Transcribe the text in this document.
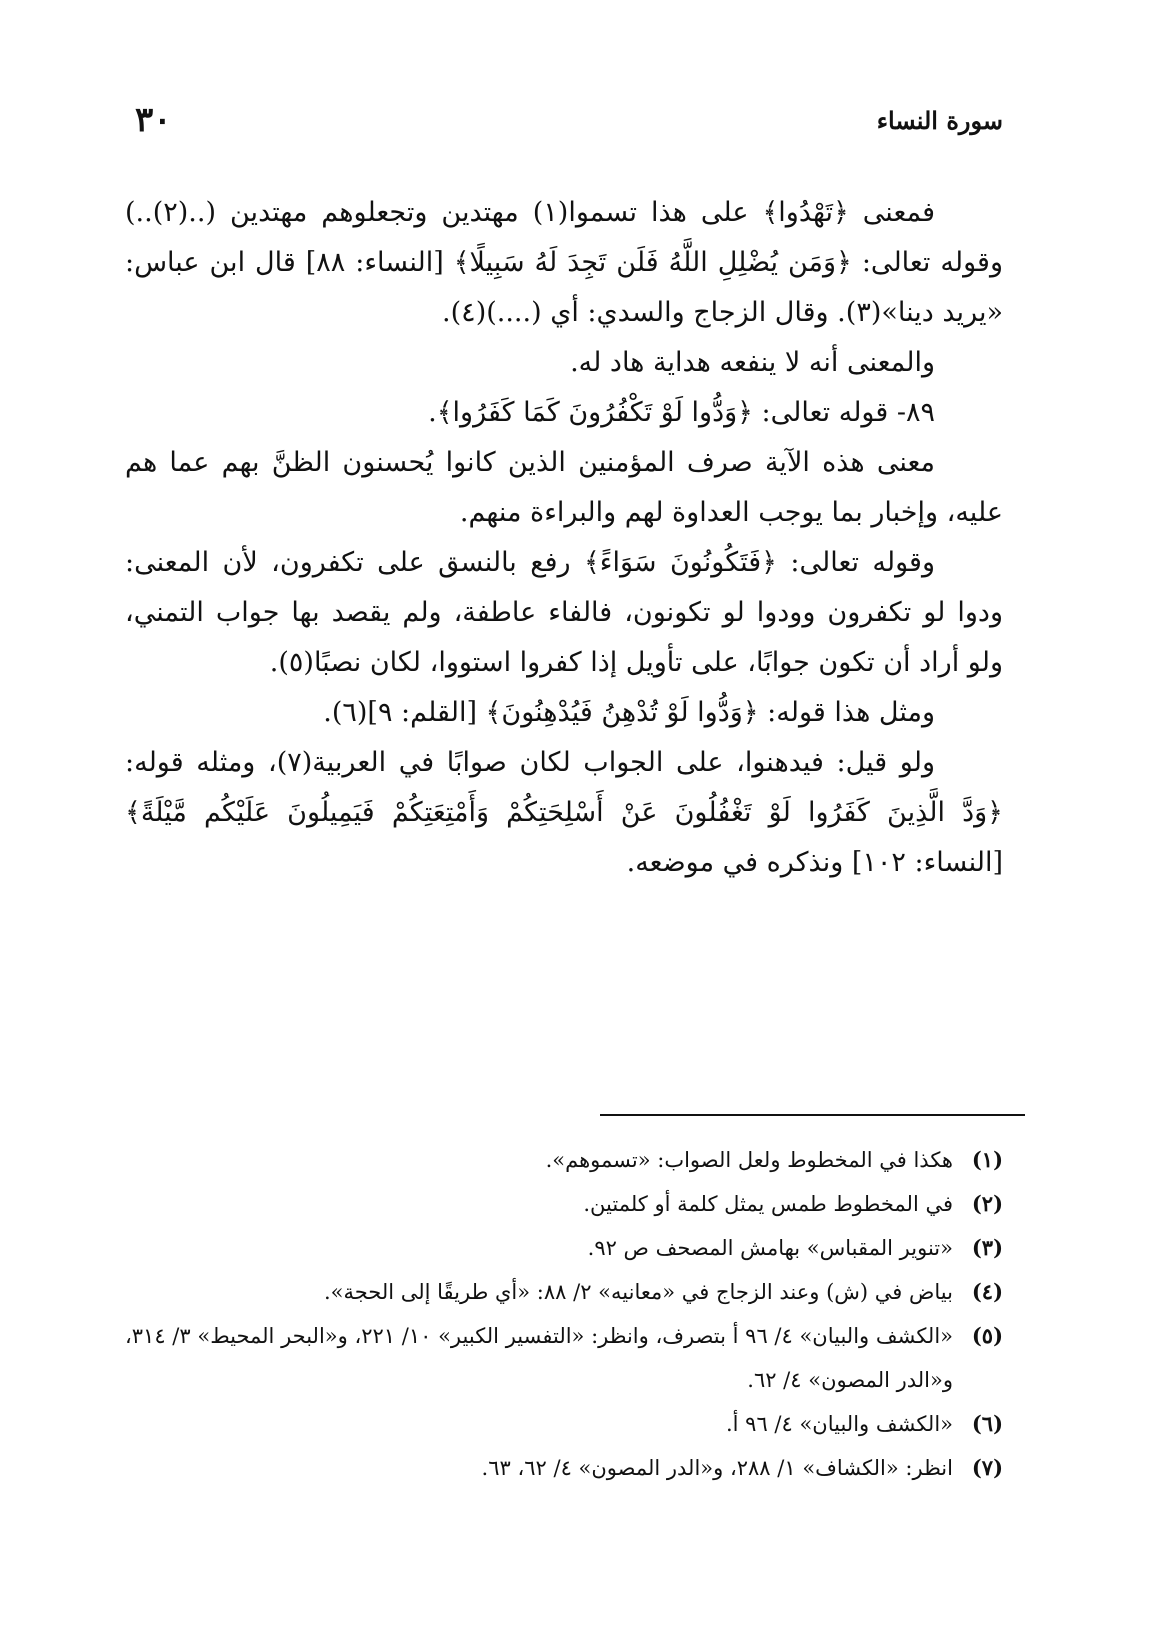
سورة النساء
٣٠

فمعنى ﴿تَهْدُوا﴾ على هذا تسموا(١) مهتدين وتجعلوهم مهتدين (..(٢)..) وقوله تعالى: ﴿وَمَن يُضْلِلِ اللَّهُ فَلَن تَجِدَ لَهُ سَبِيلًا﴾ [النساء: ٨٨] قال ابن عباس: «يريد دينا»(٣). وقال الزجاج والسدي: أي (....)(٤).

والمعنى أنه لا ينفعه هداية هاد له.

٨٩- قوله تعالى: ﴿وَدُّوا لَوْ تَكْفُرُونَ كَمَا كَفَرُوا﴾.

معنى هذه الآية صرف المؤمنين الذين كانوا يُحسنون الظنَّ بهم عما هم عليه، وإخبار بما يوجب العداوة لهم والبراءة منهم.

وقوله تعالى: ﴿فَتَكُونُونَ سَوَاءً﴾ رفع بالنسق على تكفرون، لأن المعنى: ودوا لو تكفرون وودوا لو تكونون، فالفاء عاطفة، ولم يقصد بها جواب التمني، ولو أراد أن تكون جوابًا، على تأويل إذا كفروا استووا، لكان نصبًا(٥).

ومثل هذا قوله: ﴿وَدُّوا لَوْ تُدْهِنُ فَيُدْهِنُونَ﴾ [القلم: ٩](٦).

ولو قيل: فيدهنوا، على الجواب لكان صوابًا في العربية(٧)، ومثله قوله: ﴿وَدَّ الَّذِينَ كَفَرُوا لَوْ تَغْفُلُونَ عَنْ أَسْلِحَتِكُمْ وَأَمْتِعَتِكُمْ فَيَمِيلُونَ عَلَيْكُم مَّيْلَةً﴾ [النساء: ١٠٢] ونذكره في موضعه.

(١)
هكذا في المخطوط ولعل الصواب: «تسموهم».
(٢)
في المخطوط طمس يمثل كلمة أو كلمتين.
(٣)
«تنوير المقباس» بهامش المصحف ص ٩٢.
(٤)
بياض في (ش) وعند الزجاج في «معانيه» ٢/ ٨٨: «أي طريقًا إلى الحجة».
(٥)
«الكشف والبيان» ٤/ ٩٦ أ بتصرف، وانظر: «التفسير الكبير» ١٠/ ٢٢١، و«البحر المحيط» ٣/ ٣١٤، و«الدر المصون» ٤/ ٦٢.
(٦)
«الكشف والبيان» ٤/ ٩٦ أ.
(٧)
انظر: «الكشاف» ١/ ٢٨٨، و«الدر المصون» ٤/ ٦٢، ٦٣.
